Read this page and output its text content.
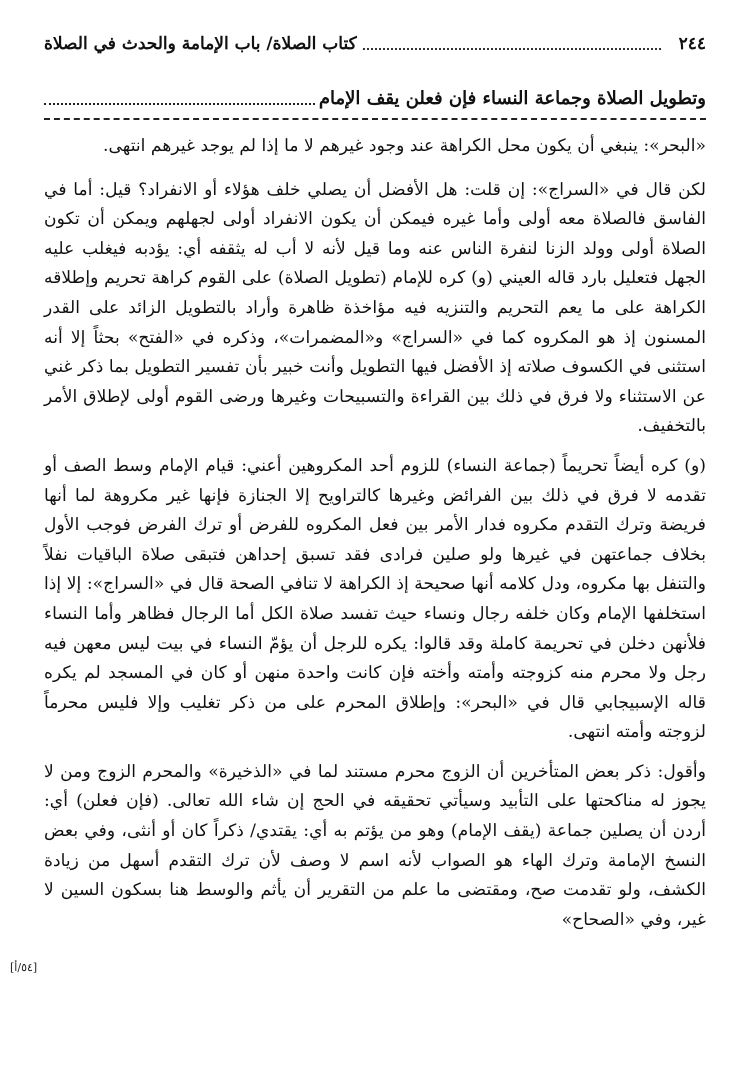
٢٤٤
كتاب الصلاة/ باب الإمامة والحدث في الصلاة
وتطويل الصلاة وجماعة النساء فإن فعلن يقف الإمام

«البحر»: ينبغي أن يكون محل الكراهة عند وجود غيرهم لا ما إذا لم يوجد غيرهم انتهى.

لكن قال في «السراج»: إن قلت: هل الأفضل أن يصلي خلف هؤلاء أو الانفراد؟ قيل: أما في الفاسق فالصلاة معه أولى وأما غيره فيمكن أن يكون الانفراد أولى لجهلهم ويمكن أن تكون الصلاة أولى وولد الزنا لنفرة الناس عنه وما قيل لأنه لا أب له يثقفه أي: يؤدبه فيغلب عليه الجهل فتعليل بارد قاله العيني (و) كره للإمام (تطويل الصلاة) على القوم كراهة تحريم وإطلاقه الكراهة على ما يعم التحريم والتنزيه فيه مؤاخذة ظاهرة وأراد بالتطويل الزائد على القدر المسنون إذ هو المكروه كما في «السراج» و«المضمرات»، وذكره في «الفتح» بحثاً إلا أنه استثنى في الكسوف صلاته إذ الأفضل فيها التطويل وأنت خبير بأن تفسير التطويل بما ذكر غني عن الاستثناء ولا فرق في ذلك بين القراءة والتسبيحات وغيرها ورضى القوم أولى لإطلاق الأمر بالتخفيف.

(و) كره أيضاً تحريماً (جماعة النساء) للزوم أحد المكروهين أعني: قيام الإمام وسط الصف أو تقدمه لا فرق في ذلك بين الفرائض وغيرها كالتراويح إلا الجنازة فإنها غير مكروهة لما أنها فريضة وترك التقدم مكروه فدار الأمر بين فعل المكروه للفرض أو ترك الفرض فوجب الأول بخلاف جماعتهن في غيرها ولو صلين فرادى فقد تسبق إحداهن فتبقى صلاة الباقيات نفلاً والتنفل بها مكروه، ودل كلامه أنها صحيحة إذ الكراهة لا تنافي الصحة قال في «السراج»: إلا إذا استخلفها الإمام وكان خلفه رجال ونساء حيث تفسد صلاة الكل أما الرجال فظاهر وأما النساء فلأنهن دخلن في تحريمة كاملة وقد قالوا: يكره للرجل أن يؤمّ النساء في بيت ليس معهن فيه رجل ولا محرم منه كزوجته وأمته وأخته فإن كانت واحدة منهن أو كان في المسجد لم يكره قاله الإسبيجابي قال في «البحر»: وإطلاق المحرم على من ذكر تغليب وإلا فليس محرماً لزوجته وأمته انتهى.

وأقول: ذكر بعض المتأخرين أن الزوج محرم مستند لما في «الذخيرة» والمحرم الزوج ومن لا يجوز له مناكحتها على التأبيد وسيأتي تحقيقه في الحج إن شاء الله تعالى. (فإن فعلن) أي: أردن أن يصلين جماعة (يقف الإمام) وهو من يؤتم به أي: يقتدي/ ذكراً كان أو أنثى، وفي بعض النسخ الإمامة وترك الهاء هو الصواب لأنه اسم لا وصف لأن ترك التقدم أسهل من زيادة الكشف، ولو تقدمت صح، ومقتضى ما علم من التقرير أن يأثم والوسط هنا بسكون السين لا غير، وفي «الصحاح»

[٥٤/أ]
